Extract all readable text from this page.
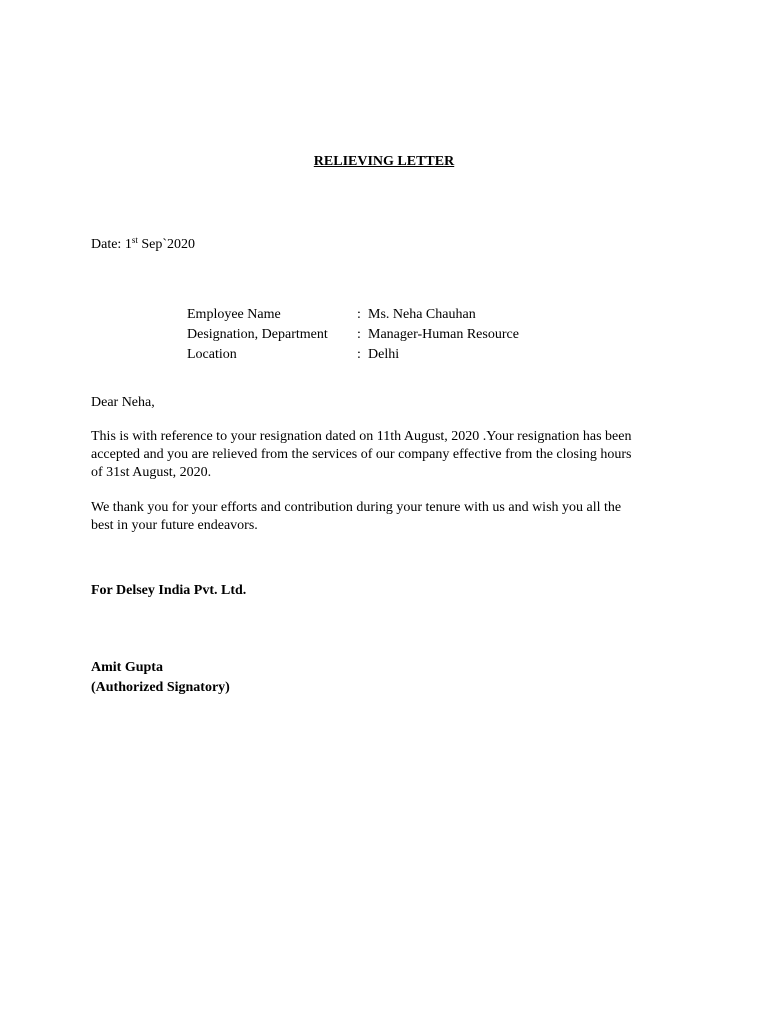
RELIEVING LETTER
Date: 1st Sep`2020
Employee Name	: Ms. Neha Chauhan
Designation, Department : Manager-Human Resource
Location	: Delhi
Dear Neha,
This is with reference to your resignation dated on 11th August, 2020 .Your resignation has been
accepted and you are relieved from the services of our company effective from the closing hours
of 31st August, 2020.
We thank you for your efforts and contribution during your tenure with us and wish you all the
best in your future endeavors.
For Delsey India Pvt. Ltd.
Amit Gupta
(Authorized Signatory)
